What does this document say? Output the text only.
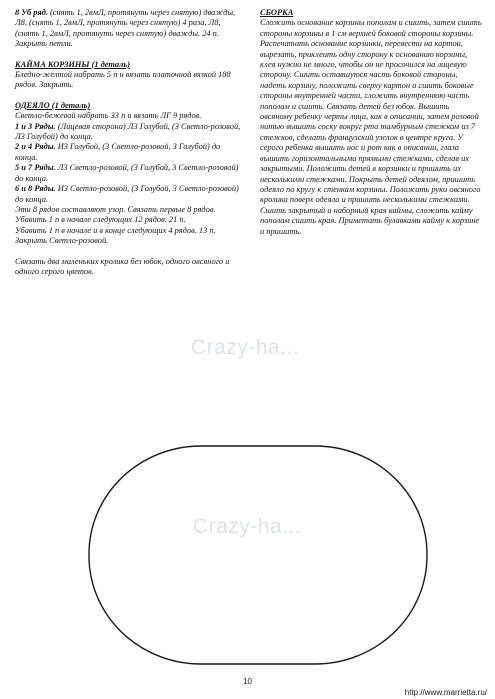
8 Уб ряд. (снять 1, 2вмЛ, протянуть через снятую) дважды, Л8, (снять 1, 2вмЛ, протянуть через снятую) 4 раза, Л8, (снять 1, 2вмЛ, протянуть через снятую) дважды. 24 п.

Закрыть петли.

КАЙМА КОРЗИНЫ (1 деталь)

Бледно-желтой набрать 5 п и вязать платочной вязкой 188 рядов. Закрыть.

ОДЕЯЛО (1 деталь)

Светло-бежевой набрать 33 п и вязать ЛГ 9 рядов.

1 и 3 Ряды. (Лицевая сторона) Л3 Голубой, (3 Светло-розовой, Л3 Голубой) до конца.

2 и 4 Ряды. И3 Голубой, (3 Светло-розовой, 3 Голубой) до конца.

5 и 7 Ряды. Л3 Светло-розовой, (3 Голубой, 3 Светло-розовой) до конца.

6 и 8 Ряды. И3 Светло-розовой, (3 Голубой, 3 Светло-розовой) до конца.

Эти 8 рядов составляют узор. Связать первые 8 рядов.

Убавить 1 п в начале следующих 12 рядов. 21 п.

Убавить 1 п в начале и в конце следующих 4 рядов. 13 п.

Закрыть Светло-розовой.

Связать два маленьких кролика без юбок, одного овсяного и одного серого цветов.

СБОРКА

Сложить основание корзины пополам и сшить, затем сшить стороны корзины в 1 см верхней боковой стороны корзины. Распечатать основание корзинки, перевести на картон, вырезать, приклеить одну сторону к основанию корзины, клея нужно не много, чтобы он не просочился на лицевую сторону. Сшить оставшуюся часть боковой стороны, надеть корзину, положить сверху картон и сшить боковые стороны внутренней части, сложить внутреннюю часть пополам и сшить. Связать детей без юбок. Вышить овсяному ребенку черты лица, как в описании, затем розовой нитью вышить соску вокруг рта тамбурным стежком из 7 стежков, сделать французский узелок в центре круга. У серого ребенка вышить нос и рот как в описании, глаза вышить горизонтальными прямыми стежками, сделав их закрытыми. Положить детей в корзинки и пришить их несколькими стежками. Покрыть детей одеялом, пришить одеяло по кругу к стенкам корзины. Положить руки овсяного кролика поверх одеяла и пришить несколькими стежками. Сшить закрытый и наборный края каймы, сложить кайму пополам сшить края. Приметать булавками кайму к корзине и пришить.

Crazy-ha...
Crazy-ha...
10
http://www.marrietta.ru/
